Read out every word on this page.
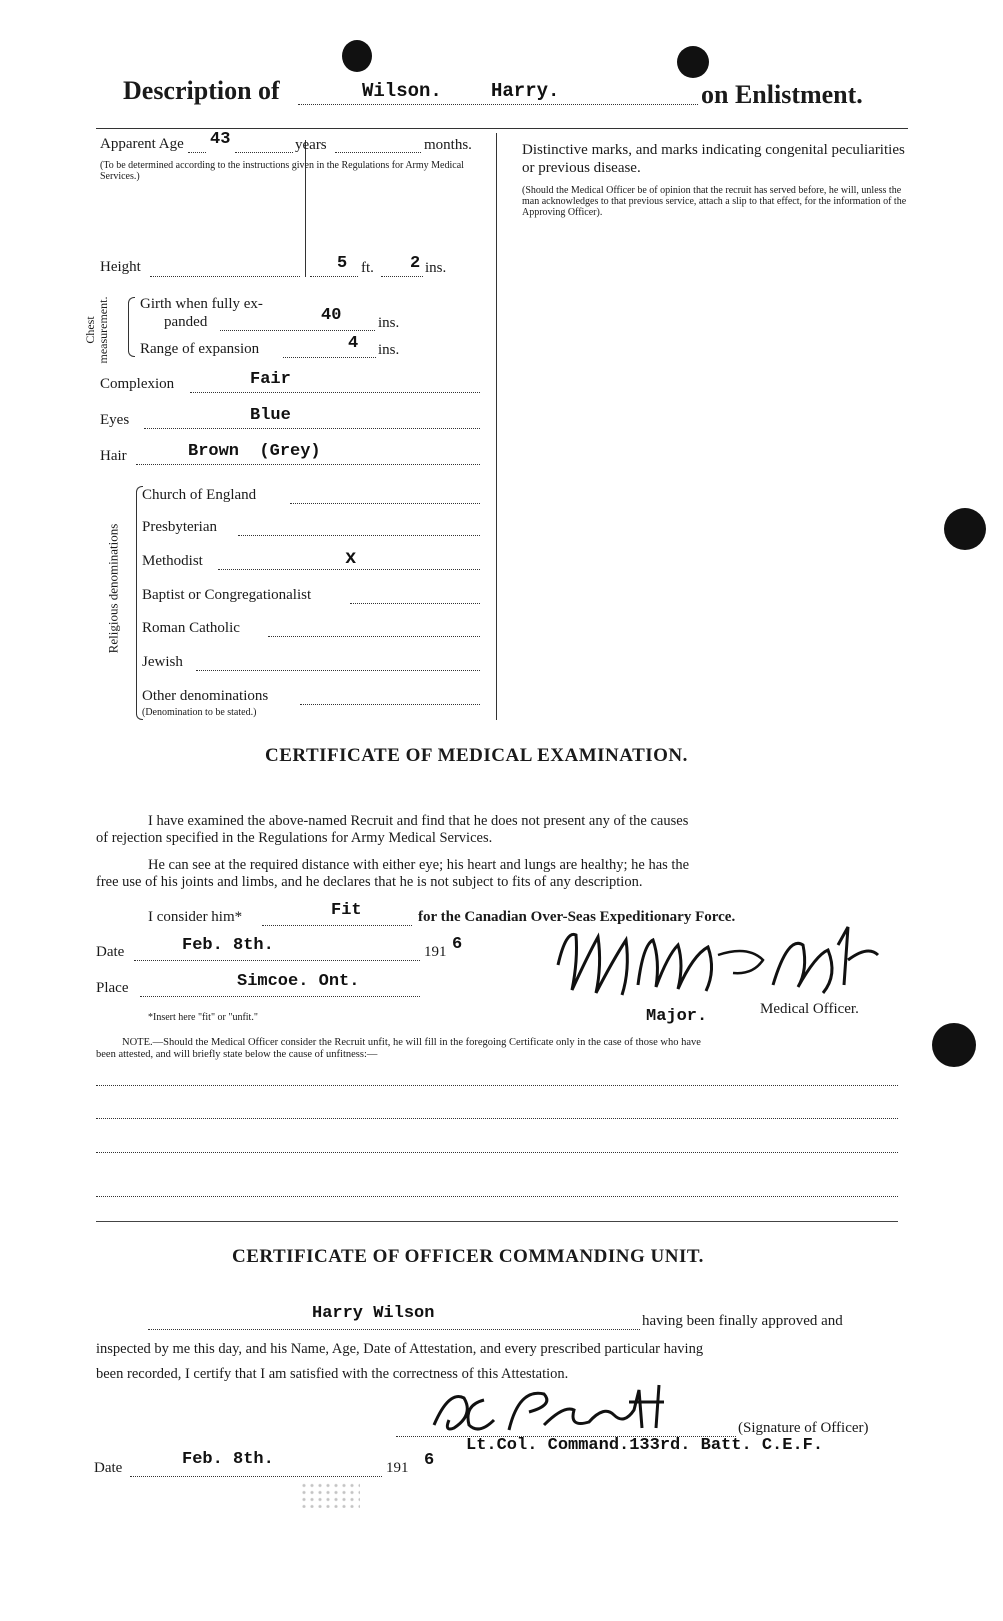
Description of	Wilson.	Harry.	on Enlistment.
Apparent Age 43	years	months.
(To be determined according to the instructions given in the Regulations for Army Medical Services.)
Height	5 ft. 2 ins.
Chest measurement. Girth when fully ex-
panded	40 ins.
Range of expansion	4 ins.
Complexion	Fair
Eyes	Blue
Hair	Brown  (Grey)
Religious denominations
Church of England
Presbyterian
Methodist	x
Baptist or Congregationalist
Roman Catholic
Jewish
Other denominations
(Denomination to be stated.)
Distinctive marks, and marks indicating congenital peculiarities or previous disease.
(Should the Medical Officer be of opinion that the recruit has served before, he will, unless the man acknowledges to that previous service, attach a slip to that effect, for the information of the Approving Officer).
CERTIFICATE OF MEDICAL EXAMINATION.
I have examined the above-named Recruit and find that he does not present any of the causes
of rejection specified in the Regulations for Army Medical Services.
He can see at the required distance with either eye; his heart and lungs are healthy; he has the
free use of his joints and limbs, and he declares that he is not subject to fits of any description.
I consider him*	Fit	for the Canadian Over-Seas Expeditionary Force.
Date	Feb. 8th.	191 6
Place	Simcoe. Ont.
*Insert here "fit" or "unfit."	Major.	Medical Officer.
NOTE.—Should the Medical Officer consider the Recruit unfit, he will fill in the foregoing Certificate only in the case of those who have
been attested, and will briefly state below the cause of unfitness:—
CERTIFICATE OF OFFICER COMMANDING UNIT.
Harry Wilson	having been finally approved and
inspected by me this day, and his Name, Age, Date of Attestation, and every prescribed particular having
been recorded, I certify that I am satisfied with the correctness of this Attestation.
(Signature of Officer)
Lt.Col. Command.133rd. Batt. C.E.F.
Date	Feb. 8th.	191 6
